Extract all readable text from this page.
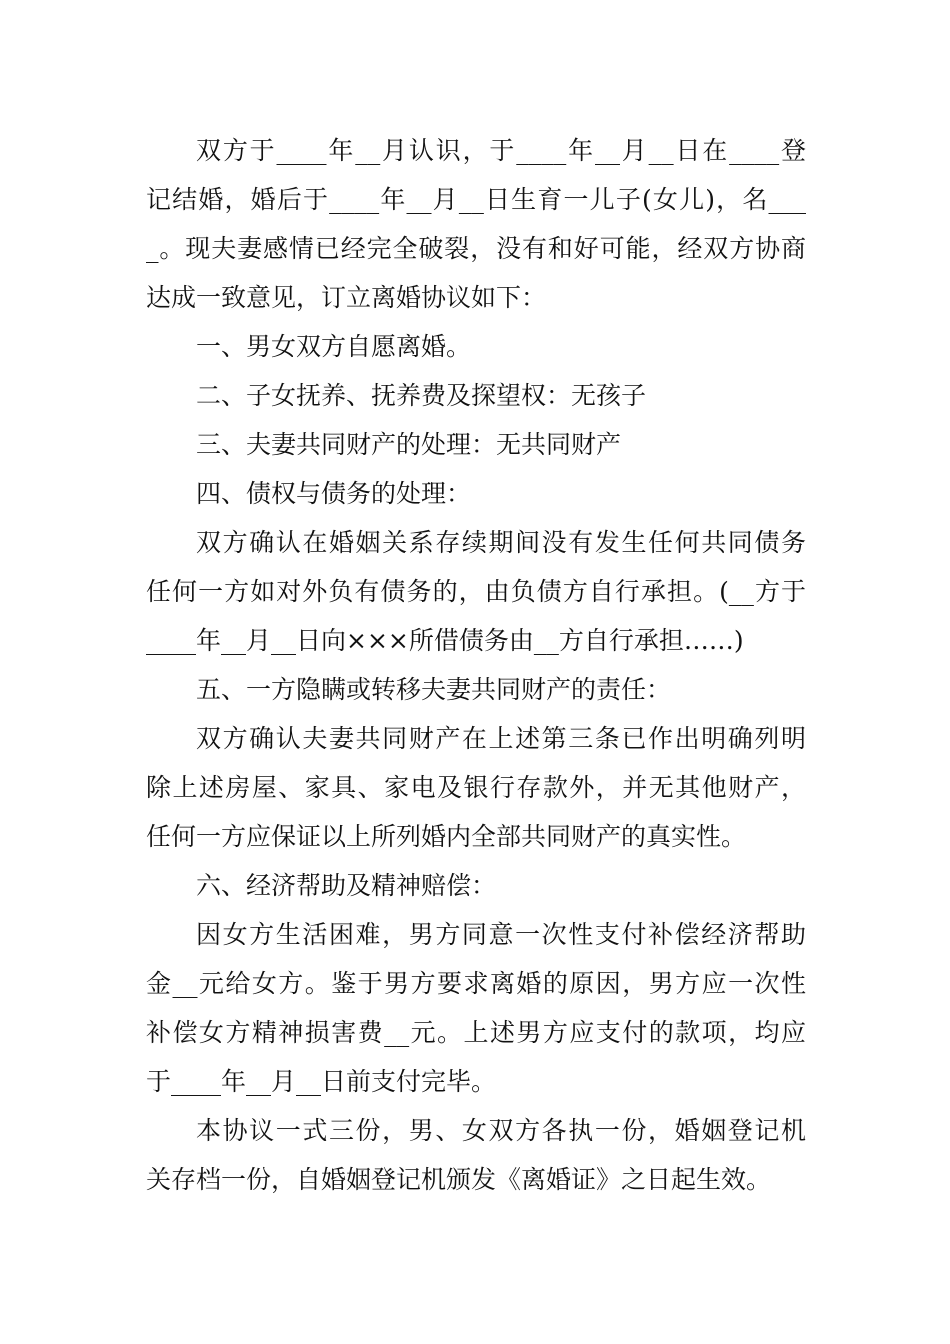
双方于____年__月认识，于____年__月__日在____登
记结婚，婚后于____年__月__日生育一儿子(女儿)，名___
_。现夫妻感情已经完全破裂，没有和好可能，经双方协商
达成一致意见，订立离婚协议如下：
一、男女双方自愿离婚。
二、子女抚养、抚养费及探望权：无孩子
三、夫妻共同财产的处理：无共同财产
四、债权与债务的处理：
双方确认在婚姻关系存续期间没有发生任何共同债务
任何一方如对外负有债务的，由负债方自行承担。(__方于
____年__月__日向×××所借债务由__方自行承担……)
五、一方隐瞒或转移夫妻共同财产的责任：
双方确认夫妻共同财产在上述第三条已作出明确列明
除上述房屋、家具、家电及银行存款外，并无其他财产，
任何一方应保证以上所列婚内全部共同财产的真实性。
六、经济帮助及精神赔偿：
因女方生活困难，男方同意一次性支付补偿经济帮助
金__元给女方。鉴于男方要求离婚的原因，男方应一次性
补偿女方精神损害费__元。上述男方应支付的款项，均应
于____年__月__日前支付完毕。
本协议一式三份，男、女双方各执一份，婚姻登记机
关存档一份，自婚姻登记机颁发《离婚证》之日起生效。
